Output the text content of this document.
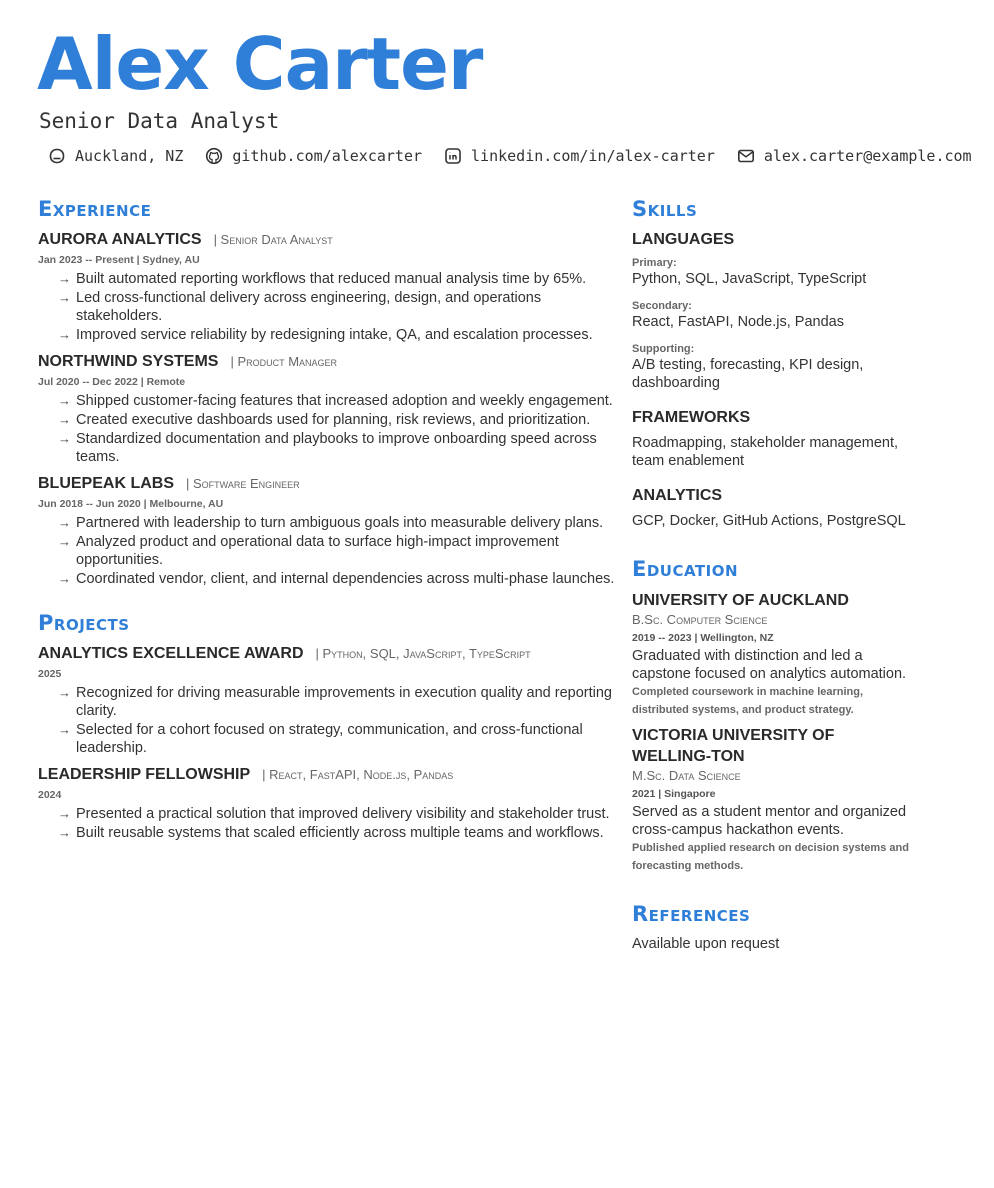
Alex Carter
Senior Data Analyst
Auckland, NZ	github.com/alexcarter	linkedin.com/in/alex-carter	alex.carter@example.com
Experience
AURORA ANALYTICS | Senior Data Analyst
Jan 2023 -- Present | Sydney, AU
→ Built automated reporting workflows that reduced manual analysis time by 65%.
→ Led cross-functional delivery across engineering, design, and operations stakeholders.
→ Improved service reliability by redesigning intake, QA, and escalation processes.
NORTHWIND SYSTEMS | Product Manager
Jul 2020 -- Dec 2022 | Remote
→ Shipped customer-facing features that increased adoption and weekly engagement.
→ Created executive dashboards used for planning, risk reviews, and prioritization.
→ Standardized documentation and playbooks to improve onboarding speed across teams.
BLUEPEAK LABS | Software Engineer
Jun 2018 -- Jun 2020 | Melbourne, AU
→ Partnered with leadership to turn ambiguous goals into measurable delivery plans.
→ Analyzed product and operational data to surface high-impact improvement opportunities.
→ Coordinated vendor, client, and internal dependencies across multi-phase launches.
Projects
ANALYTICS EXCELLENCE AWARD | Python, SQL, JavaScript, TypeScript
2025
→ Recognized for driving measurable improvements in execution quality and reporting clarity.
→ Selected for a cohort focused on strategy, communication, and cross-functional leadership.
LEADERSHIP FELLOWSHIP | React, FastAPI, Node.js, Pandas
2024
→ Presented a practical solution that improved delivery visibility and stakeholder trust.
→ Built reusable systems that scaled efficiently across multiple teams and workflows.
Skills
LANGUAGES
Primary:
Python, SQL, JavaScript, TypeScript
Secondary:
React, FastAPI, Node.js, Pandas
Supporting:
A/B testing, forecasting, KPI design, dashboarding
FRAMEWORKS
Roadmapping, stakeholder management, team enablement
ANALYTICS
GCP, Docker, GitHub Actions, PostgreSQL
Education
UNIVERSITY OF AUCKLAND
B.Sc. Computer Science
2019 -- 2023 | Wellington, NZ
Graduated with distinction and led a capstone focused on analytics automation.
Completed coursework in machine learning, distributed systems, and product strategy.
VICTORIA UNIVERSITY OF WELLING-TON
M.Sc. Data Science
2021 | Singapore
Served as a student mentor and organized cross-campus hackathon events.
Published applied research on decision systems and forecasting methods.
References
Available upon request
